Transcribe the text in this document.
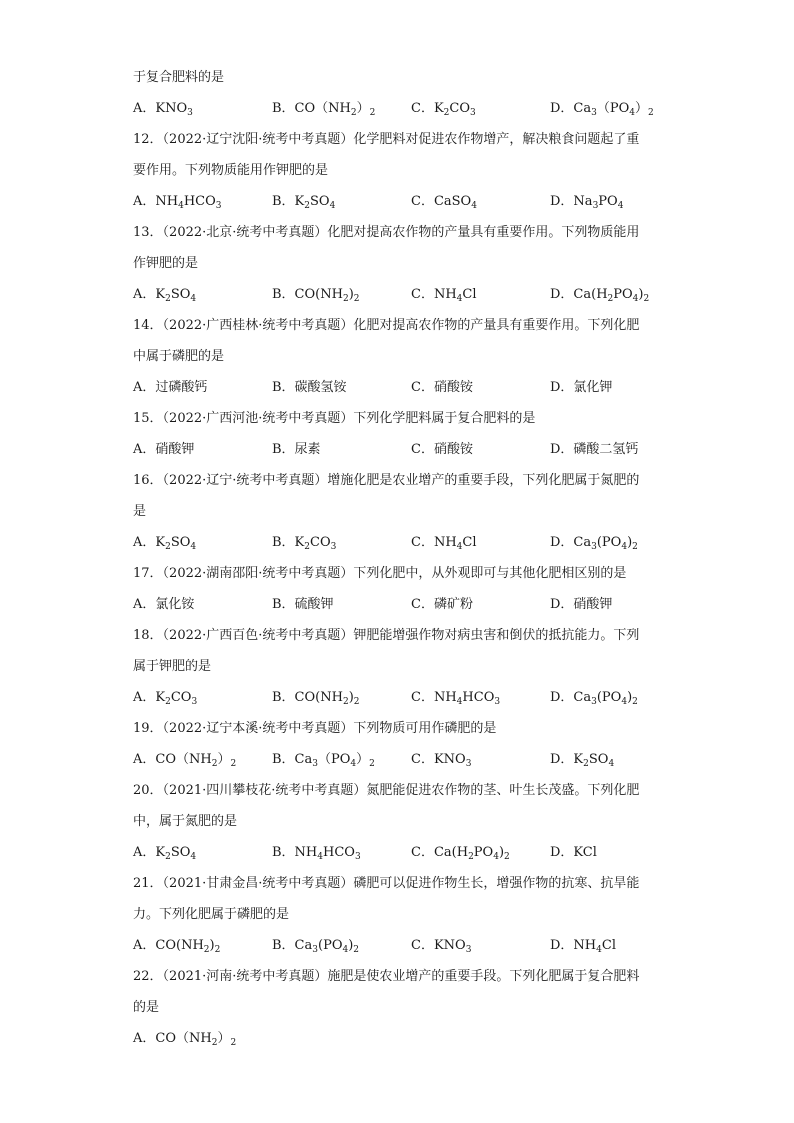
于复合肥料的是
A．$KNO_3$	B．$CO(NH_2)_2$	C．$K_2CO_3$	D．$Ca_3(PO_4)_2$
12．（2022·辽宁沈阳·统考中考真题）化学肥料对促进农作物增产，解决粮食问题起了重
要作用。下列物质能用作钾肥的是
A．$NH_4HCO_3$	B．$K_2SO_4$	C．CaSO$_4$	D．$Na_3PO_4$
13．（2022·北京·统考中考真题）化肥对提高农作物的产量具有重要作用。下列物质能用
作钾肥的是
A．$K_2SO_4$	B．$CO(NH_2)_2$	C．$NH_4Cl$	D．$Ca(H_2PO_4)_2$
14．（2022·广西桂林·统考中考真题）化肥对提高农作物的产量具有重要作用。下列化肥
中属于磷肥的是
A．过磷酸钙	B．碳酸氢铵	C．硝酸铵	D．氯化钾
15．（2022·广西河池·统考中考真题）下列化学肥料属于复合肥料的是
A．硝酸钾	B．尿素	C．硝酸铵	D．磷酸二氢钙
16．（2022·辽宁·统考中考真题）增施化肥是农业增产的重要手段，下列化肥属于氮肥的
是
A．$K_2SO_4$	B．$K_2CO_3$	C．$NH_4Cl$	D．$Ca_3(PO_4)_2$
17．（2022·湖南邵阳·统考中考真题）下列化肥中，从外观即可与其他化肥相区别的是
A．氯化铵	B．硫酸钾	C．磷矿粉	D．硝酸钾
18．（2022·广西百色·统考中考真题）钾肥能增强作物对病虫害和倒伏的抵抗能力。下列
属于钾肥的是
A．$K_2CO_3$	B．$CO(NH_2)_2$	C．$NH_4HCO_3$	D．$Ca_3(PO_4)_2$
19．（2022·辽宁本溪·统考中考真题）下列物质可用作磷肥的是
A．$CO(NH_2)_2$	B．$Ca_3(PO_4)_2$	C．$KNO_3$	D．$K_2SO_4$
20．（2021·四川攀枝花·统考中考真题）氮肥能促进农作物的茎、叶生长茂盛。下列化肥
中，属于氮肥的是
A．$K_2SO_4$	B．$NH_4HCO_3$	C．$Ca(H_2PO_4)_2$	D．KCl
21．（2021·甘肃金昌·统考中考真题）磷肥可以促进作物生长，增强作物的抗寒、抗旱能
力。下列化肥属于磷肥的是
A．$CO(NH_2)_2$	B．$Ca_3(PO_4)_2$	C．$KNO_3$	D．$NH_4Cl$
22．（2021·河南·统考中考真题）施肥是使农业增产的重要手段。下列化肥属于复合肥料
的是
A．$CO(NH_2)_2$
